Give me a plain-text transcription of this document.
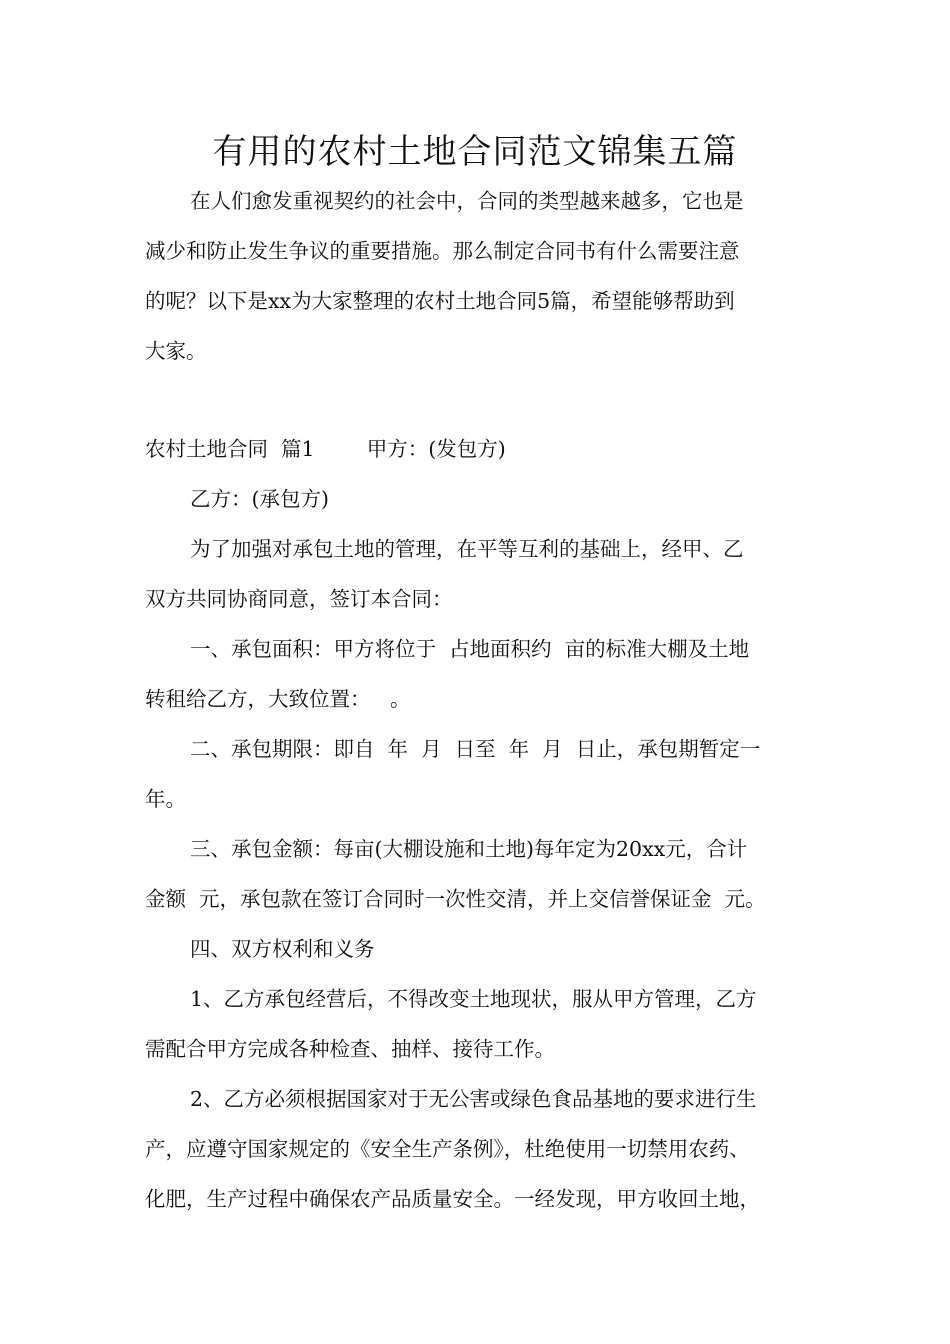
有用的农村土地合同范文锦集五篇
在人们愈发重视契约的社会中，合同的类型越来越多，它也是
减少和防止发生争议的重要措施。那么制定合同书有什么需要注意
的呢？以下是xx为大家整理的农村土地合同5篇，希望能够帮助到
大家。
农村土地合同  篇1        甲方：(发包方)
乙方：(承包方)
为了加强对承包土地的管理，在平等互利的基础上，经甲、乙
双方共同协商同意，签订本合同：
一、承包面积：甲方将位于  占地面积约  亩的标准大棚及土地
转租给乙方，大致位置：   。
二、承包期限：即自  年  月  日至  年  月  日止，承包期暂定一
年。
三、承包金额：每亩(大棚设施和土地)每年定为20xx元，合计
金额  元，承包款在签订合同时一次性交清，并上交信誉保证金  元。
四、双方权利和义务
1、乙方承包经营后，不得改变土地现状，服从甲方管理，乙方
需配合甲方完成各种检查、抽样、接待工作。
2、乙方必须根据国家对于无公害或绿色食品基地的要求进行生
产，应遵守国家规定的《安全生产条例》，杜绝使用一切禁用农药、
化肥，生产过程中确保农产品质量安全。一经发现，甲方收回土地，
